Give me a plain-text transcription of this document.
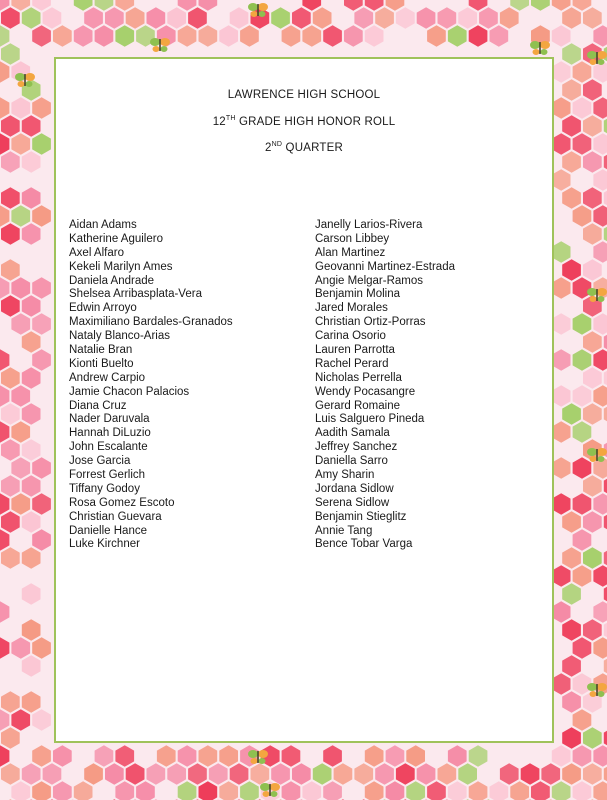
LAWRENCE HIGH SCHOOL
12TH GRADE HIGH HONOR ROLL
2ND QUARTER
Aidan Adams
Katherine Aguilero
Axel Alfaro
Kekeli Marilyn Ames
Daniela Andrade
Shelsea Arribasplata-Vera
Edwin Arroyo
Maximiliano Bardales-Granados
Nataly Blanco-Arias
Natalie Bran
Kionti Buelto
Andrew Carpio
Jamie Chacon Palacios
Diana Cruz
Nader Daruvala
Hannah DiLuzio
John Escalante
Jose Garcia
Forrest Gerlich
Tiffany Godoy
Rosa Gomez Escoto
Christian Guevara
Danielle Hance
Luke Kirchner
Janelly Larios-Rivera
Carson Libbey
Alan Martinez
Geovanni Martinez-Estrada
Angie Melgar-Ramos
Benjamin Molina
Jared Morales
Christian Ortiz-Porras
Carina Osorio
Lauren Parrotta
Rachel Perard
Nicholas Perrella
Wendy Pocasangre
Gerard Romaine
Luis Salguero Pineda
Aadith Samala
Jeffrey Sanchez
Daniella Sarro
Amy Sharin
Jordana Sidlow
Serena Sidlow
Benjamin Stieglitz
Annie Tang
Bence Tobar Varga
